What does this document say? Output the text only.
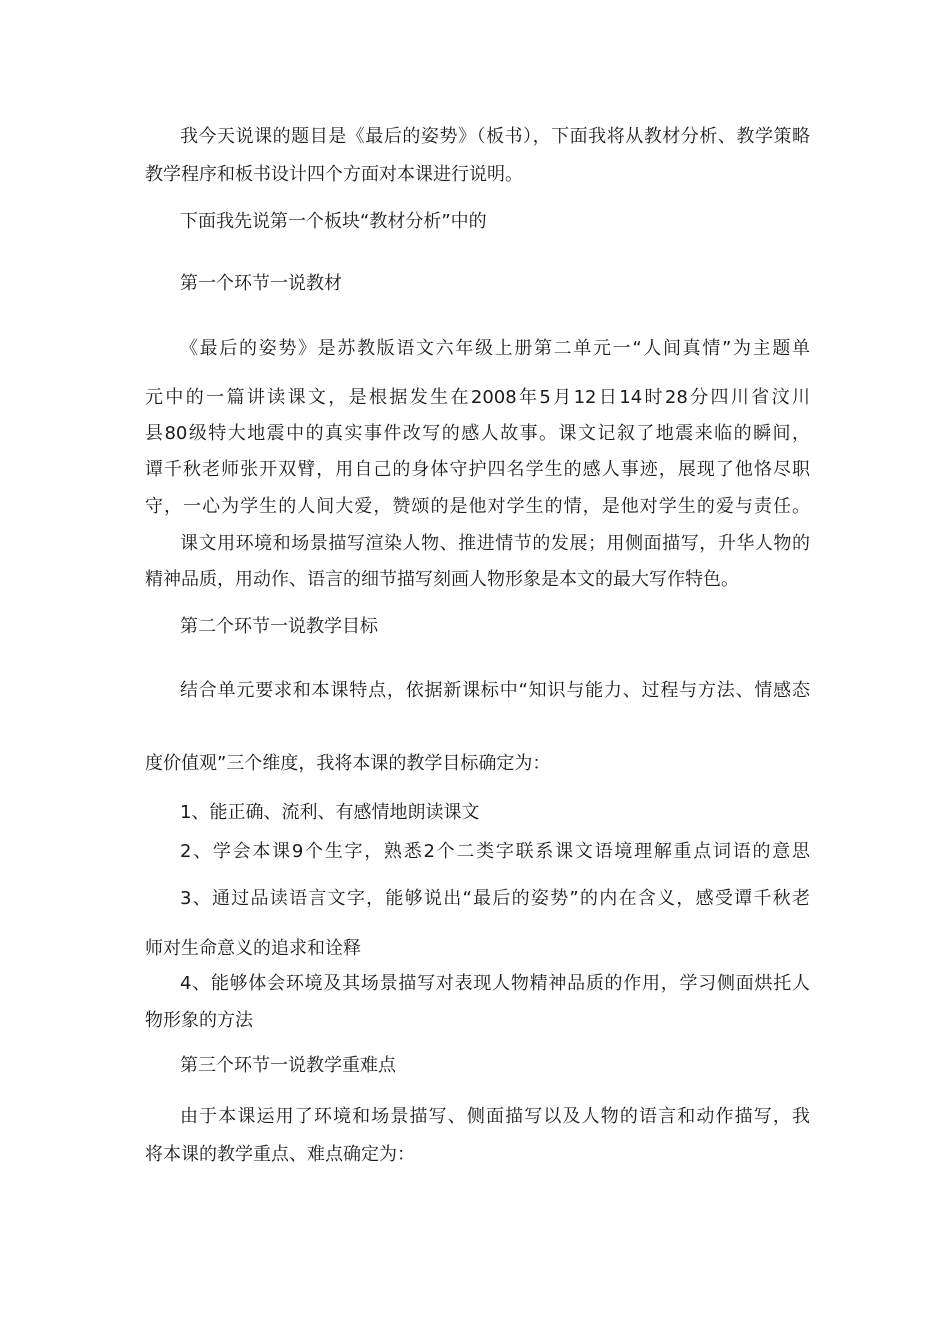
我今天说课的题目是《最后的姿势》（板书），下面我将从教材分析、教学策略
教学程序和板书设计四个方面对本课进行说明。
下面我先说第一个板块“教材分析”中的
第一个环节一说教材
《最后的姿势》是苏教版语文六年级上册第二单元一“人间真情”为主题单
元中的一篇讲读课文，是根据发生在2008年5月12日14时28分四川省汶川
县80级特大地震中的真实事件改写的感人故事。课文记叙了地震来临的瞬间，
谭千秋老师张开双臂，用自己的身体守护四名学生的感人事迹，展现了他恪尽职
守，一心为学生的人间大爱，赞颂的是他对学生的情，是他对学生的爱与责任。
课文用环境和场景描写渲染人物、推进情节的发展；用侧面描写，升华人物的
精神品质，用动作、语言的细节描写刻画人物形象是本文的最大写作特色。
第二个环节一说教学目标
结合单元要求和本课特点，依据新课标中“知识与能力、过程与方法、情感态
度价值观”三个维度，我将本课的教学目标确定为：
1、能正确、流利、有感情地朗读课文
2、学会本课9个生字，熟悉2个二类字联系课文语境理解重点词语的意思
3、通过品读语言文字，能够说出“最后的姿势”的内在含义，感受谭千秋老
师对生命意义的追求和诠释
4、能够体会环境及其场景描写对表现人物精神品质的作用，学习侧面烘托人
物形象的方法
第三个环节一说教学重难点
由于本课运用了环境和场景描写、侧面描写以及人物的语言和动作描写，我
将本课的教学重点、难点确定为：
